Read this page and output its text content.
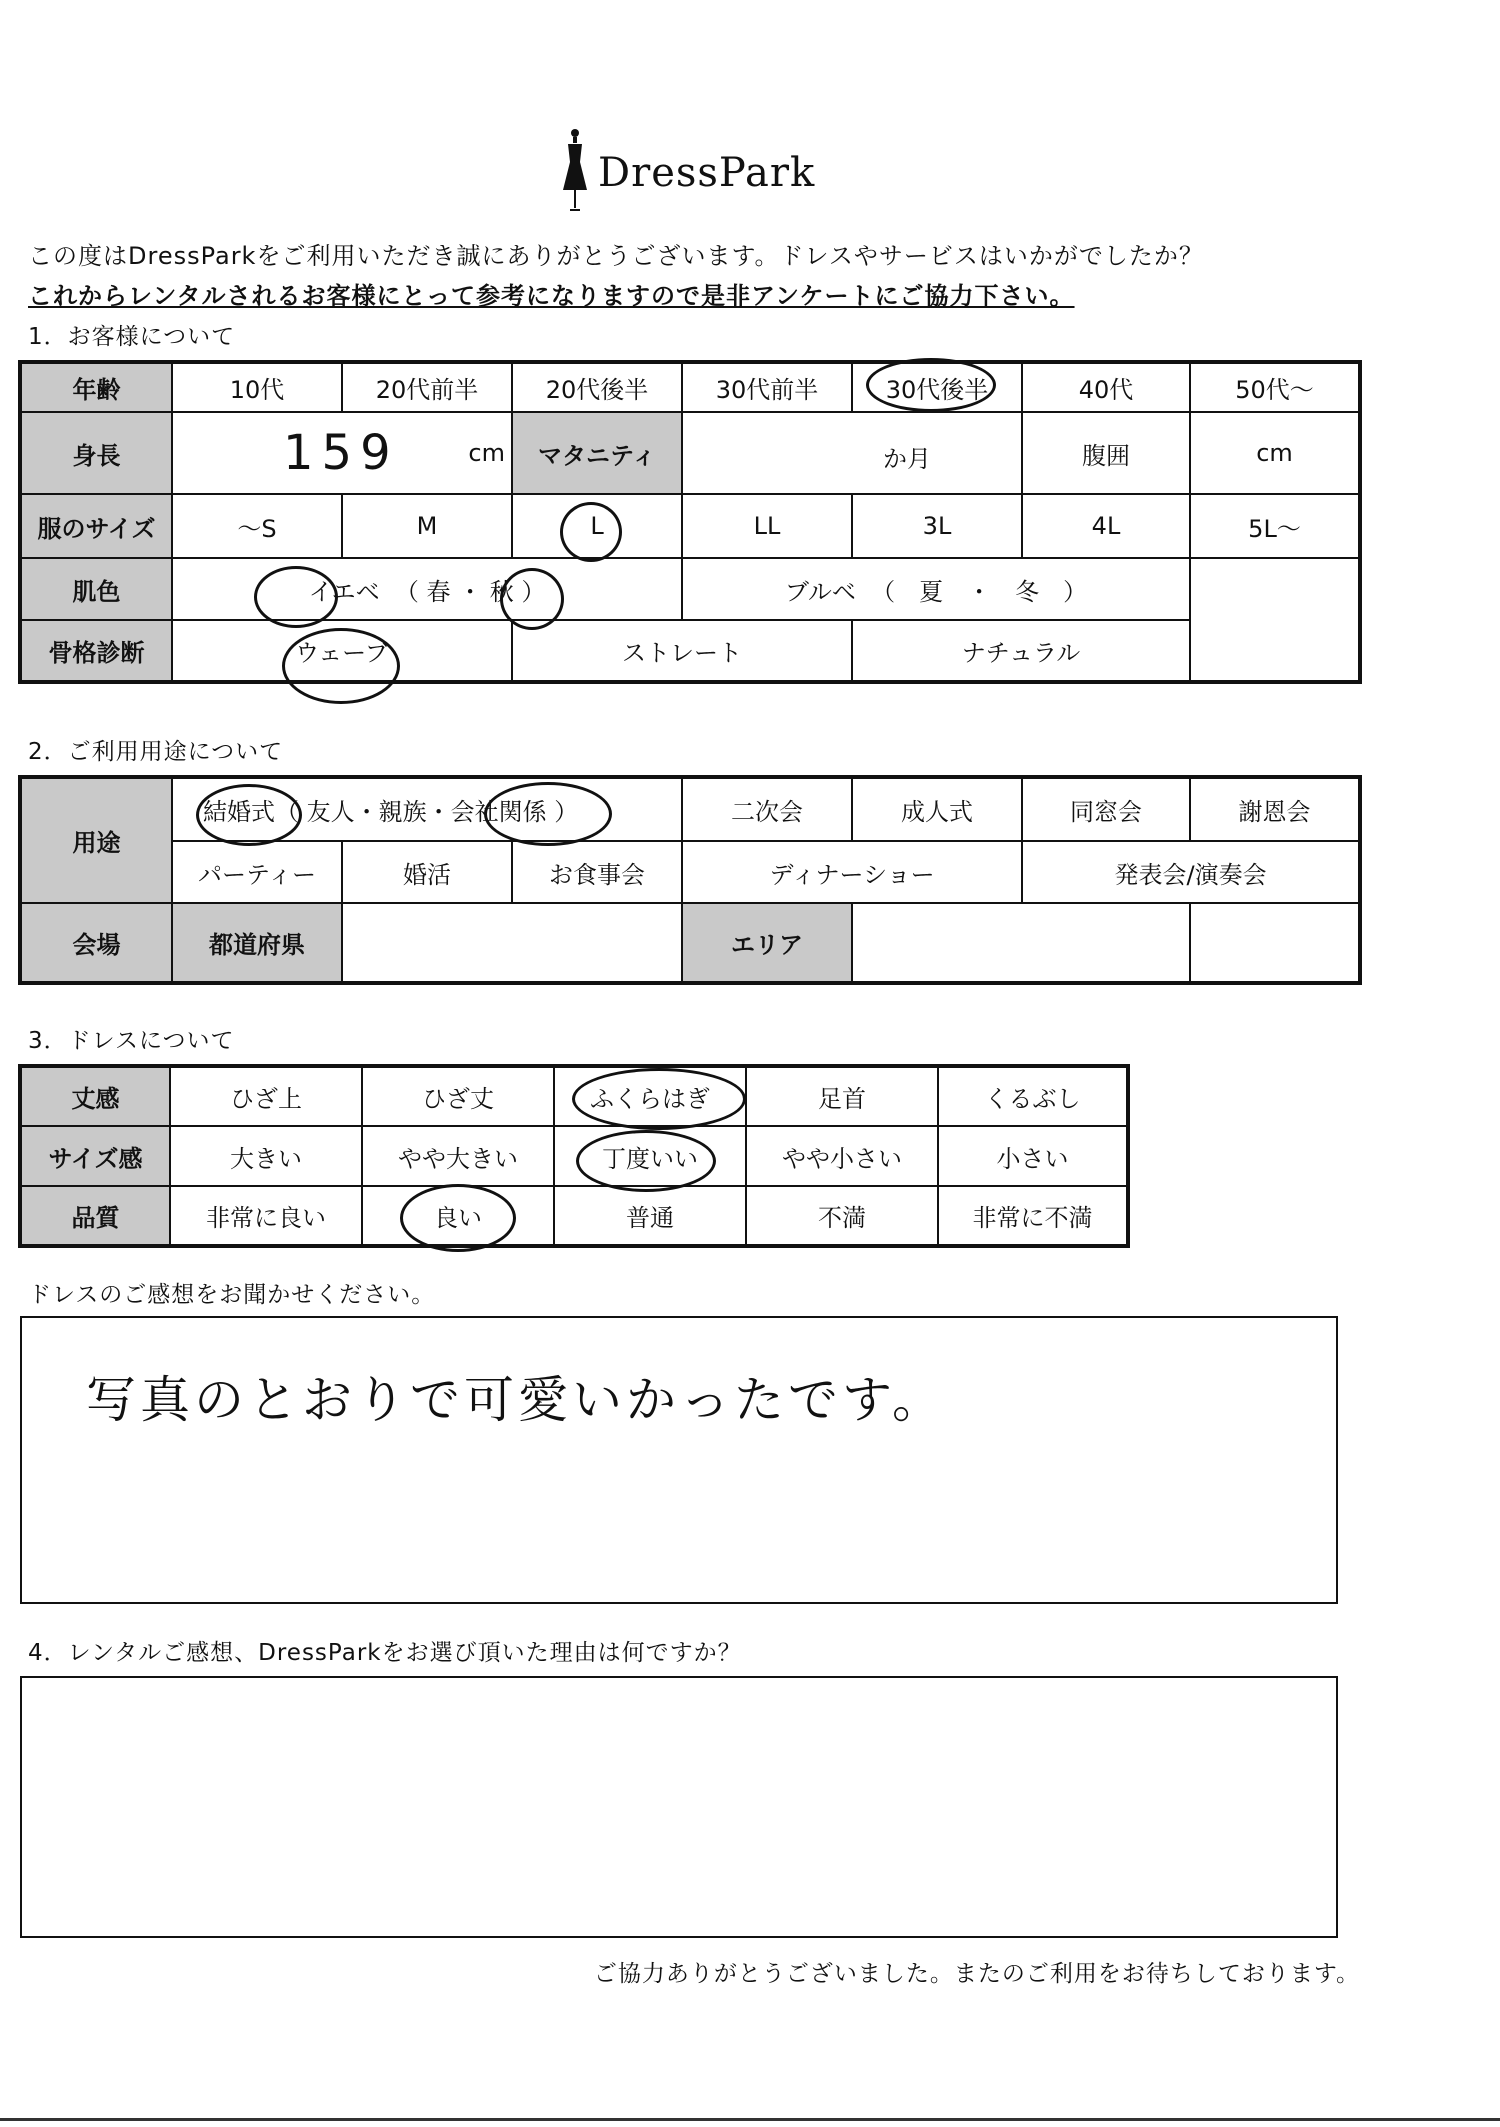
DressPark
この度はDressParkをご利用いただき誠にありがとうございます。ドレスやサービスはいかがでしたか？
これからレンタルされるお客様にとって参考になりますので是非アンケートにご協力下さい。
1．お客様について
年齢	10代	20代前半	20代後半	30代前半	30代後半	40代	50代～
身長	159 cm		マタニティ	か月		腹囲	cm
服のサイズ	～S	M	L	LL	3L	4L	5L～
肌色	イエベ （ 春 ・ 秋 ）			ブルベ （　夏　・　冬　）			
骨格診断	ウェーブ		ストレート		ナチュラル		
2．ご利用用途について
用途	結婚式（ 友人・親族・会社関係 ）			二次会	成人式	同窓会	謝恩会
	パーティー	婚活	お食事会	ディナーショー		発表会/演奏会	
会場	都道府県			エリア			
3．ドレスについて
丈感	ひざ上	ひざ丈	ふくらはぎ	足首	くるぶし
サイズ感	大きい	やや大きい	丁度いい	やや小さい	小さい
品質	非常に良い	良い	普通	不満	非常に不満
ドレスのご感想をお聞かせください。
写真のとおりで可愛いかったです。
4．レンタルご感想、DressParkをお選び頂いた理由は何ですか？
ご協力ありがとうございました。またのご利用をお待ちしております。
